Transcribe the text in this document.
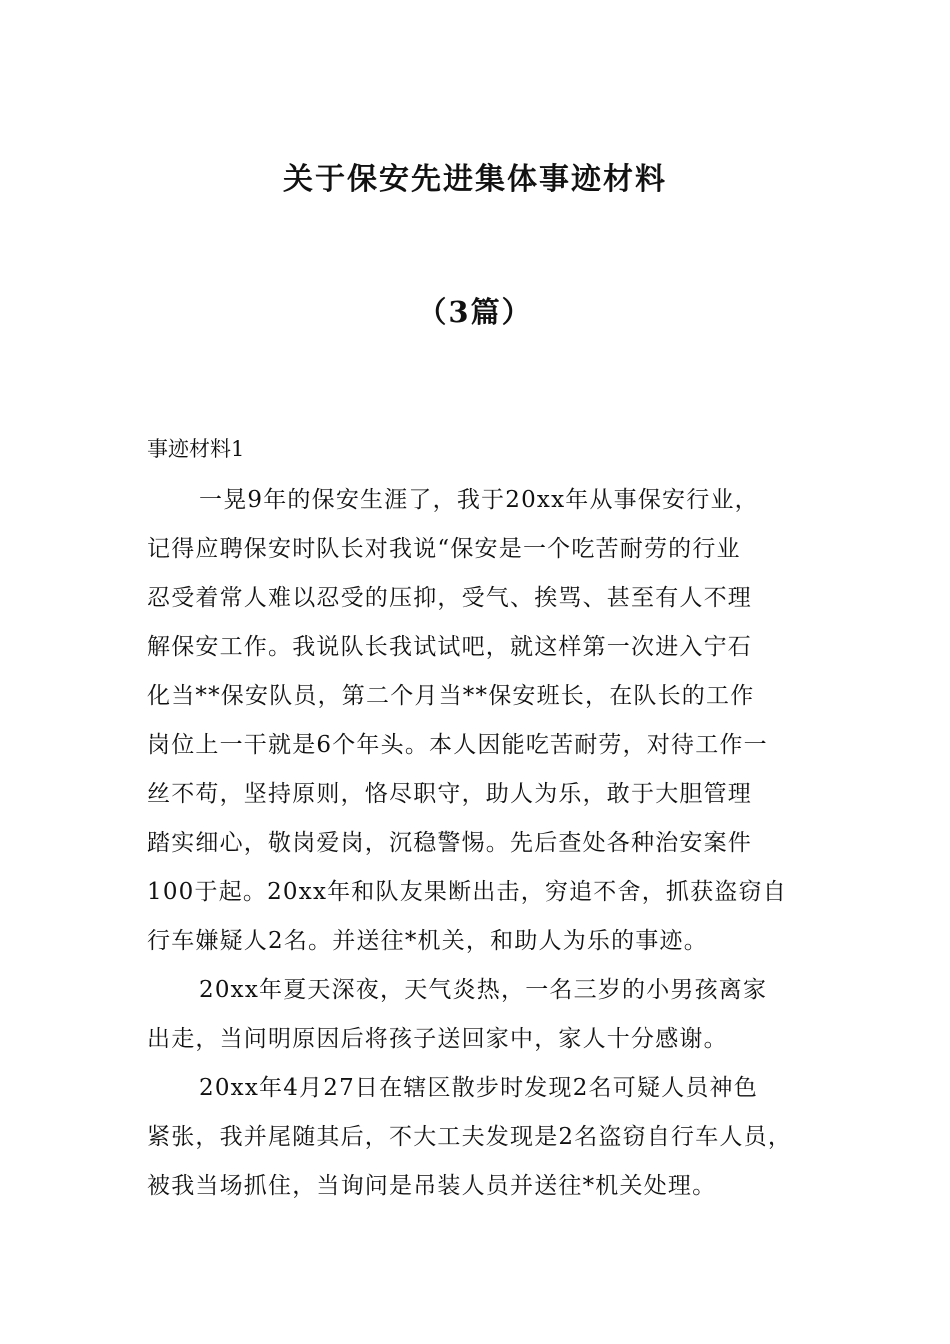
关于保安先进集体事迹材料
（3篇）
事迹材料1

一晃9年的保安生涯了，我于20xx年从事保安行业，
记得应聘保安时队长对我说“保安是一个吃苦耐劳的行业
忍受着常人难以忍受的压抑，受气、挨骂、甚至有人不理
解保安工作。我说队长我试试吧，就这样第一次进入宁石
化当**保安队员，第二个月当**保安班长，在队长的工作
岗位上一干就是6个年头。本人因能吃苦耐劳，对待工作一
丝不苟，坚持原则，恪尽职守，助人为乐，敢于大胆管理
踏实细心，敬岗爱岗，沉稳警惕。先后查处各种治安案件
100于起。20xx年和队友果断出击，穷追不舍，抓获盗窃自
行车嫌疑人2名。并送往*机关，和助人为乐的事迹。

20xx年夏天深夜，天气炎热，一名三岁的小男孩离家
出走，当问明原因后将孩子送回家中，家人十分感谢。

20xx年4月27日在辖区散步时发现2名可疑人员神色
紧张，我并尾随其后，不大工夫发现是2名盗窃自行车人员，
被我当场抓住，当询问是吊装人员并送往*机关处理。
